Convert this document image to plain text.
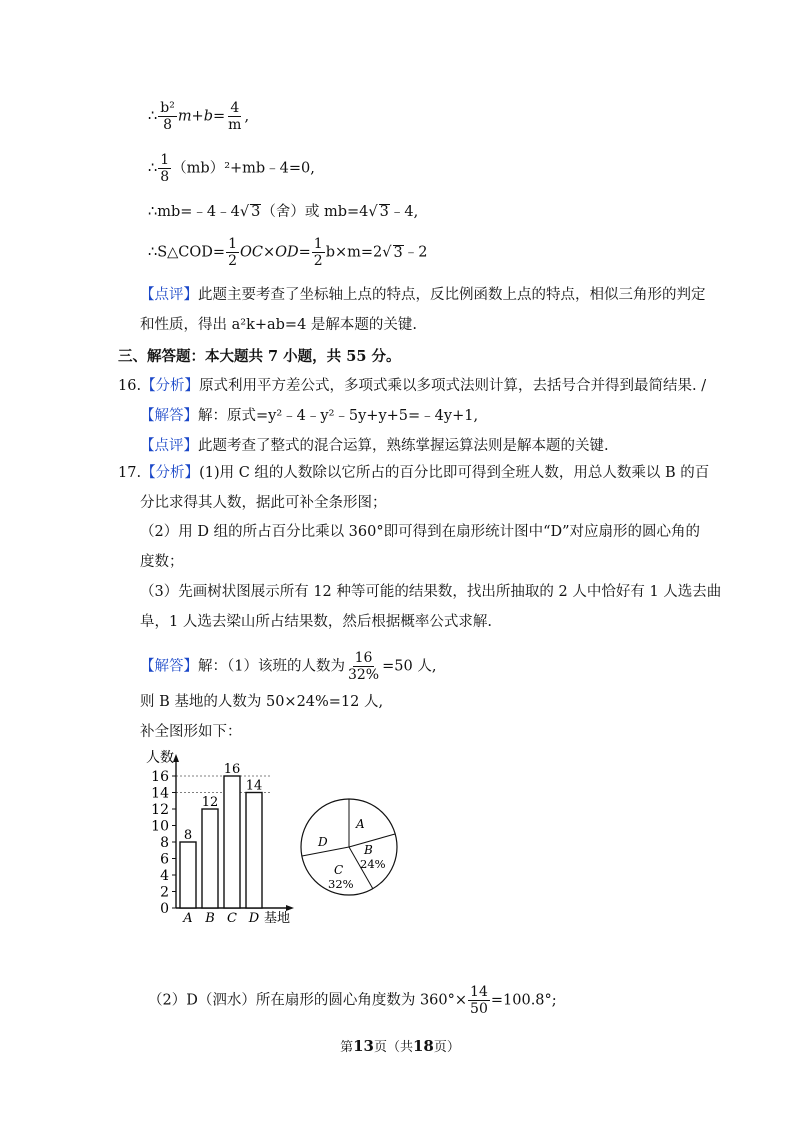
∴ $\frac{\text{b²}}{8} m+b= \frac{4}{m}$ ,
∴ $\frac{1}{8}$ （mb）²+mb﹣4=0,
∴mb=﹣4﹣4√ 3（舍）或 mb=4√ 3﹣4,
∴S△COD= $\frac{1}{2} OC\times OD= \frac{1}{2} b\times m=2√$ 3﹣2
【点评】此题主要考查了坐标轴上点的特点，反比例函数上点的特点，相似三角形的判定
和性质，得出 a²k+ab=4 是解本题的关键.
三、解答题：本大题共 7 小题，共 55 分。
16.【分析】原式利用平方差公式，多项式乘以多项式法则计算，去括号合并得到最简结果. /
【解答】解：原式=y²﹣4﹣y²﹣5y+y+5=﹣4y+1,
【点评】此题考查了整式的混合运算，熟练掌握运算法则是解本题的关键.
17.【分析】(1)用 C 组的人数除以它所占的百分比即可得到全班人数，用总人数乘以 B 的百
分比求得其人数，据此可补全条形图；
（2）用 D 组的所占百分比乘以 360°即可得到在扇形统计图中“D”对应扇形的圆心角的
度数；
（3）先画树状图展示所有 12 种等可能的结果数，找出所抽取的 2 人中恰好有 1 人选去曲
阜，1 人选去梁山所占结果数，然后根据概率公式求解.
【解答】解：（1）该班的人数为 $\frac{16}{32\%} =50$ 人,
则 B 基地的人数为 50×24%=12 人,
补全图形如下：
0
2
4
6
8
10
12
14
16
8
12
16
14
A B C D
人数
基地
A
B
24%
C
32%
D
（2）D（泗水）所在扇形的圆心角度数为 $360^\circ\times \frac{14}{50} =100.8^\circ$;
第13页（共18页）
